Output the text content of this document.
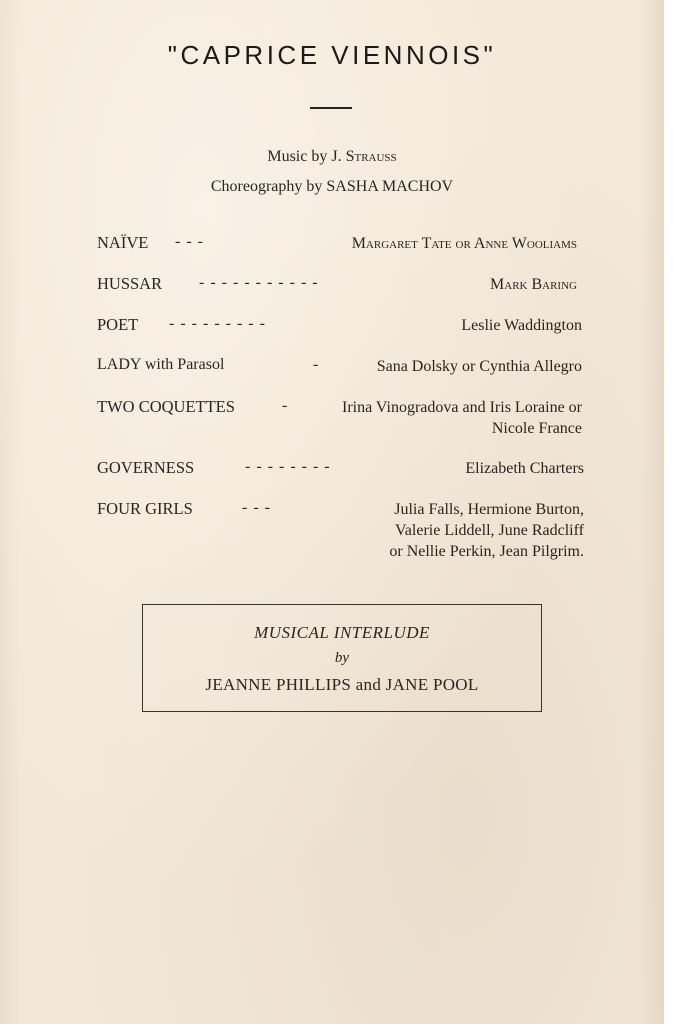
"CAPRICE VIENNOIS"
Music by J. Strauss
Choreography by SASHA MACHOV
NAÏVE - - -	Margaret Tate or Anne Wooliams
HUSSAR - - - - - - - - - - -	Mark Baring
POET - - - - - - - - -	Leslie Waddington
LADY with Parasol	-	Sana Dolsky or Cynthia Allegro
TWO COQUETTES	-	Irina Vinogradova and Iris Loraine or
Nicole France
GOVERNESS	- - - - - - - -	Elizabeth Charters
FOUR GIRLS	- - -	Julia Falls, Hermione Burton,
Valerie Liddell, June Radcliff
or Nellie Perkin, Jean Pilgrim.
MUSICAL INTERLUDE
by
JEANNE PHILLIPS and JANE POOL
